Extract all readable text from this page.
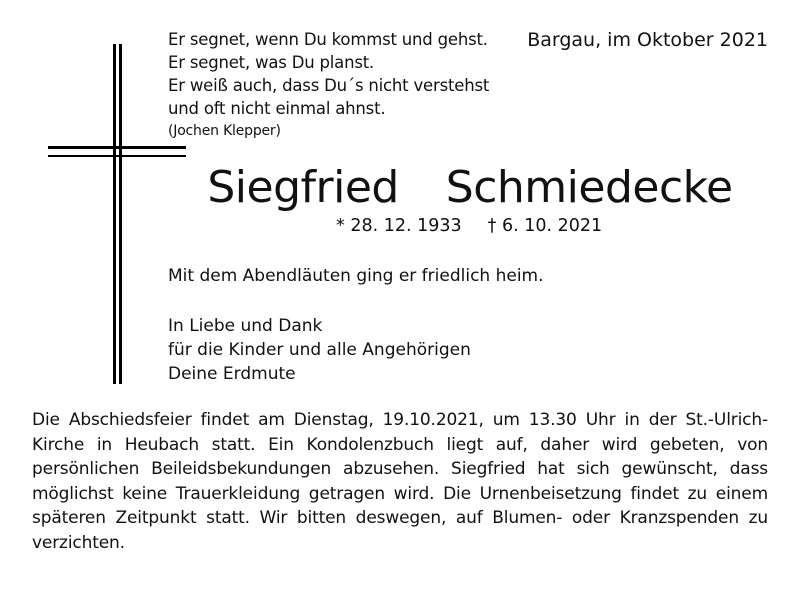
Er segnet, wenn Du kommst und gehst.
Er segnet, was Du planst.
Er weiß auch, dass Du´s nicht verstehst
und oft nicht einmal ahnst.
(Jochen Klepper)
Bargau, im Oktober 2021
Siegfried  Schmiedecke
* 28. 12. 1933 † 6. 10. 2021
Mit dem Abendläuten ging er friedlich heim.
In Liebe und Dank
für die Kinder und alle Angehörigen
Deine Erdmute
Die Abschiedsfeier findet am Dienstag, 19.10.2021, um 13.30 Uhr in der St.-Ulrich-Kirche in Heubach statt. Ein Kondolenzbuch liegt auf, daher wird gebeten, von persönlichen Beileidsbekundungen abzusehen. Siegfried hat sich gewünscht, dass möglichst keine Trauerkleidung getragen wird. Die Urnenbeisetzung findet zu einem späteren Zeitpunkt statt. Wir bitten deswegen, auf Blumen- oder Kranzspenden zu verzichten.
